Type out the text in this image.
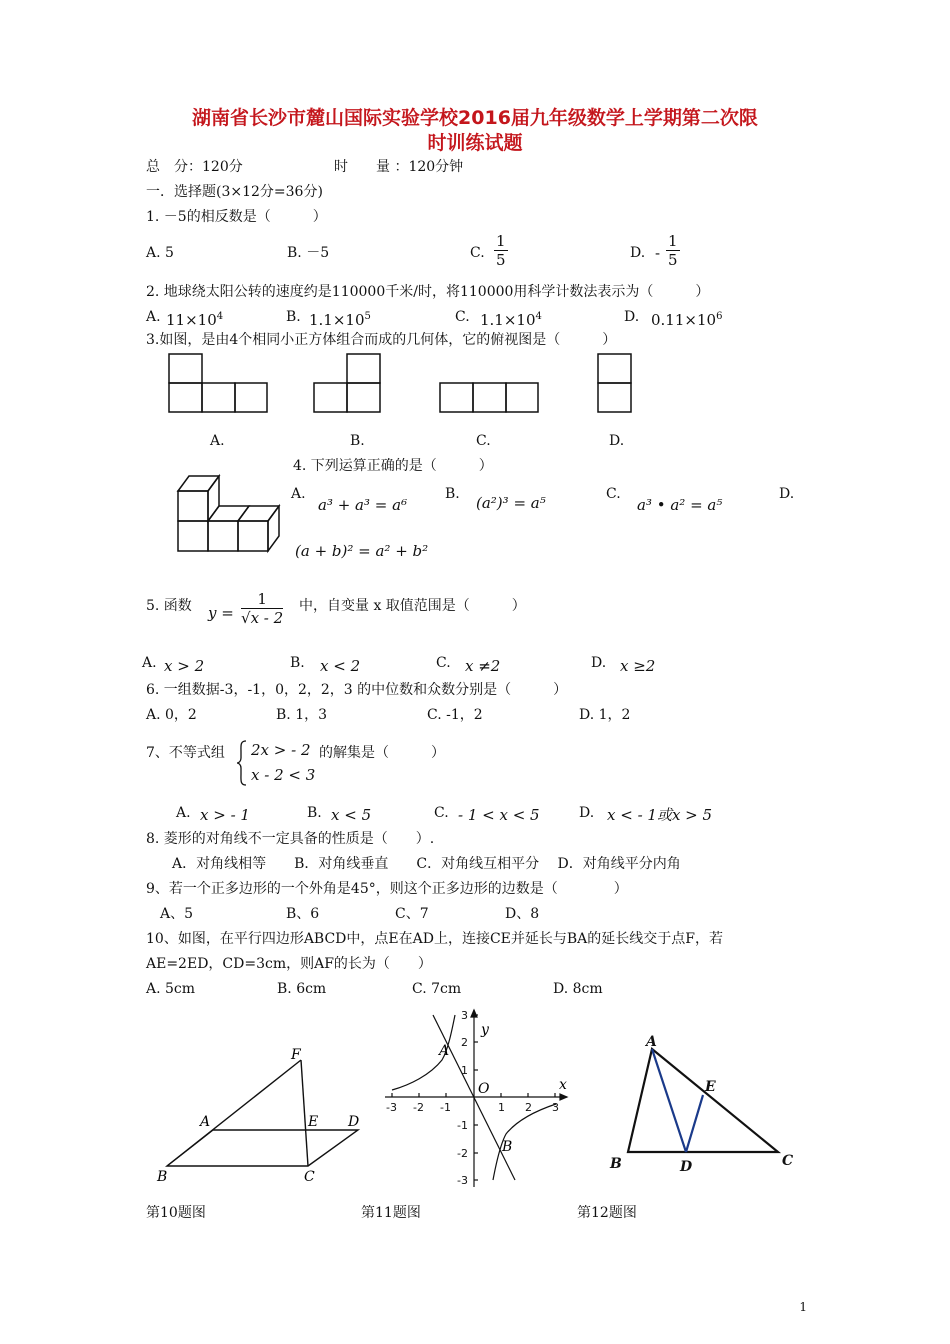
湖南省长沙市麓山国际实验学校2016届九年级数学上学期第二次限
时训练试题
总　分：120分	时　　量 ：120分钟
一．选择题(3×12分=36分)
1. －5的相反数是（　　　）
A. 5	B. －5	C. $\frac{1}{5}$	D. - $\frac{1}{5}$
2. 地球绕太阳公转的速度约是110000千米/时，将110000用科学计数法表示为（　　　）
A. $11\times 10^4$	B. $1.1\times 10^5$	C. $1.1\times 10^4$	D. $0.11\times 10^6$
3.如图，是由4个相同小正方体组合而成的几何体，它的俯视图是（　　　）
A.	B.	C.	D.
4. 下列运算正确的是（　　　）
A.
a³ + a³ = a⁶
B. (a²)³ = a⁵	C.
a³ • a² = a⁵
D.
(a + b)² = a² + b²
5. 函数 $y = \frac{1}{√x - 2}$ 中，自变量 x 取值范围是（　　　）
A. x > 2	B. x < 2	C. x ≠2	D. x ≥2
6. 一组数据-3，-1，0，2，2，3 的中位数和众数分别是（　　　）
A. 0，2	B. 1，3	C. -1，2	D. 1，2
7、不等式组 2x > - 2
x - 2 < 3
的解集是（　　　）
A. x > - 1	B. x < 5	C. - 1 < x < 5	D. x < - 1或x > 5
8. 菱形的对角线不一定具备的性质是（　　）.
A．对角线相等　　B．对角线垂直　　C．对角线互相平分　 D．对角线平分内角
9、若一个正多边形的一个外角是45°，则这个正多边形的边数是（　　　　）
A、5	B、6	C、7	D、8
10、如图，在平行四边形ABCD中，点E在AD上，连接CE并延长与BA的延长线交于点F，若
AE=2ED，CD=3cm，则AF的长为（　　）
A. 5cm	B. 6cm	C. 7cm	D. 8cm
F
A	E D
B	C
y
x
O
A
B
-3 -2 -1	1 2 3
3
2
1
-1
-2
-3
A
E
B	D	C
第10题图	第11题图	第12题图
1
